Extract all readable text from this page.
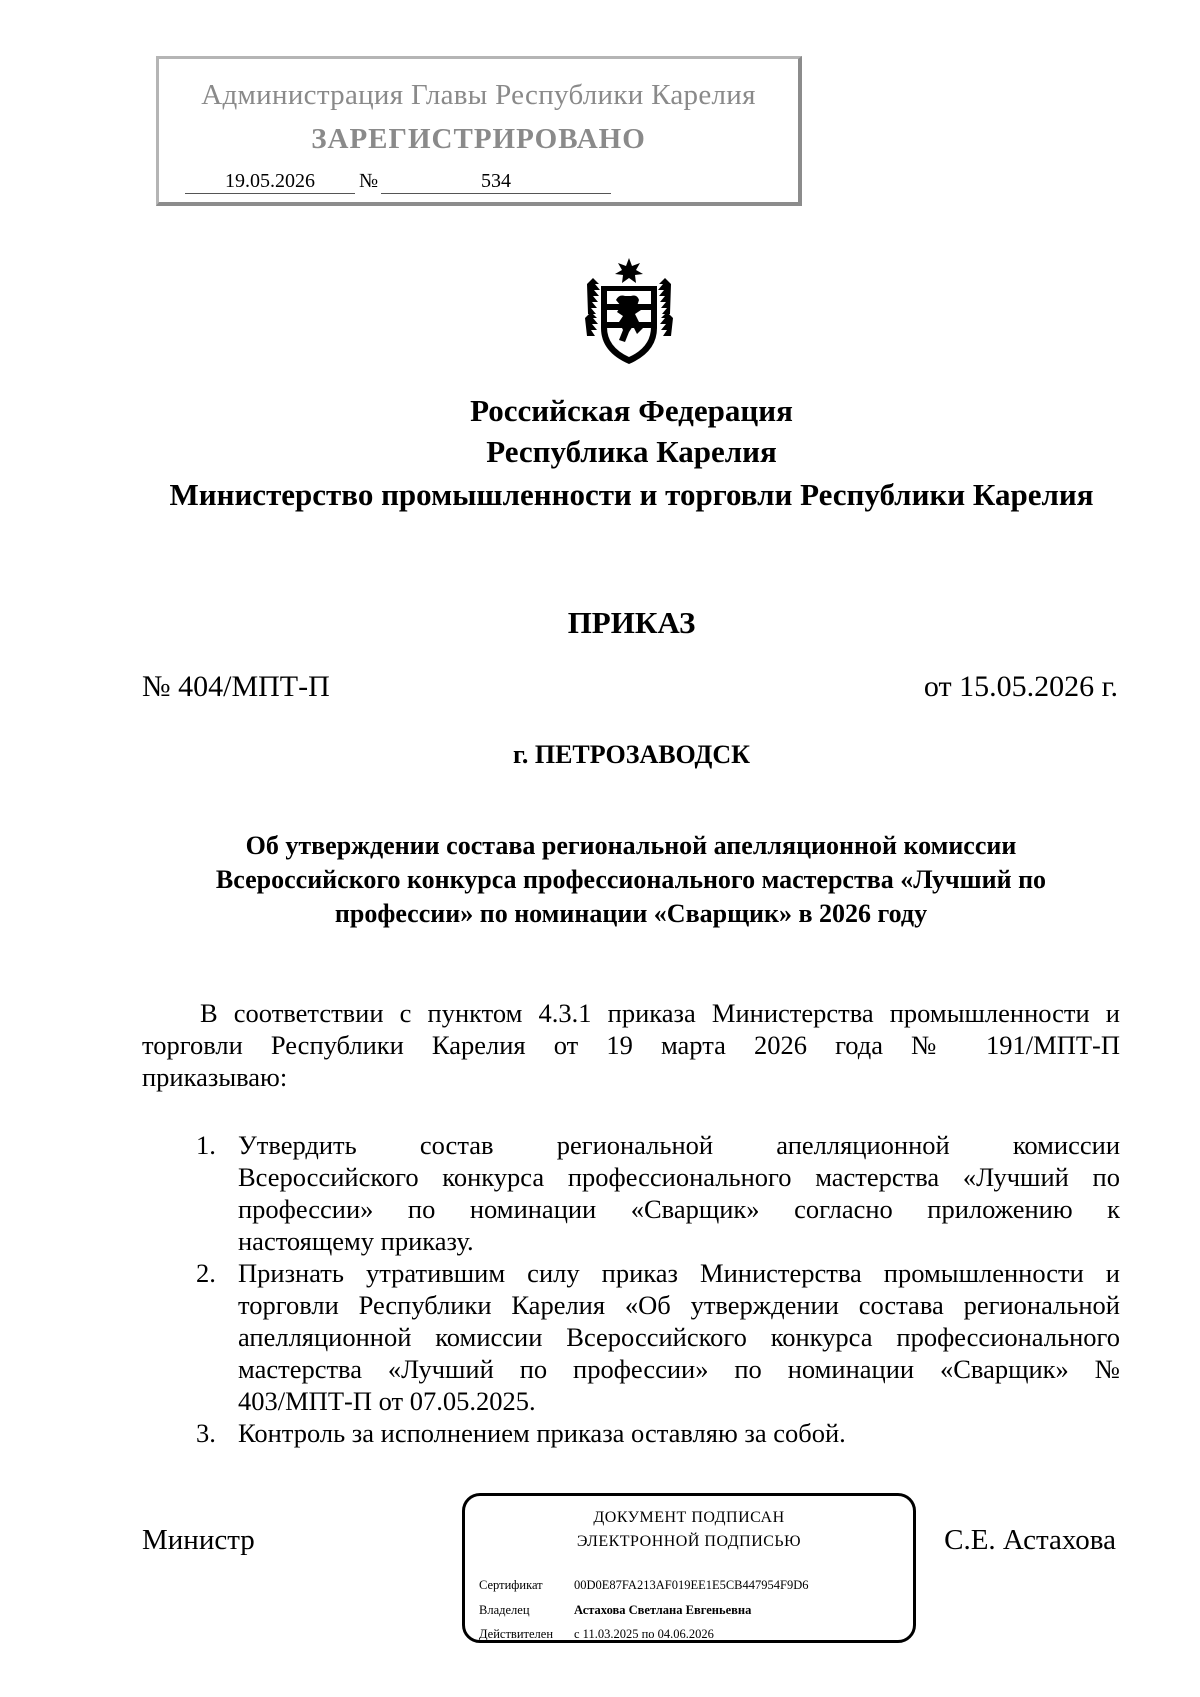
Администрация Главы Республики Карелия
ЗАРЕГИСТРИРОВАНО
19.05.2026	№	534
Российская Федерация
Республика Карелия
Министерство промышленности и торговли Республики Карелия
ПРИКАЗ
№ 404/МПТ-П	от 15.05.2026 г.
г. ПЕТРОЗАВОДСК
Об утверждении состава региональной апелляционной комиссии
Всероссийского конкурса профессионального мастерства «Лучший по
профессии» по номинации «Сварщик» в 2026 году
В соответствии с пунктом 4.3.1 приказа Министерства промышленности и
торговли Республики Карелия от 19 марта 2026 года № 191/МПТ-П
приказываю:
1. Утвердить состав региональной апелляционной комиссии
Всероссийского конкурса профессионального мастерства «Лучший по
профессии» по номинации «Сварщик» согласно приложению к
настоящему приказу.
2. Признать утратившим силу приказ Министерства промышленности и
торговли Республики Карелия «Об утверждении состава региональной
апелляционной комиссии Всероссийского конкурса профессионального
мастерства «Лучший по профессии» по номинации «Сварщик» №
403/МПТ-П от 07.05.2025.
3. Контроль за исполнением приказа оставляю за собой.
Министр	С.Е. Астахова
ДОКУМЕНТ ПОДПИСАН
ЭЛЕКТРОННОЙ ПОДПИСЬЮ
Сертификат	00D0E87FA213AF019EE1E5CB447954F9D6
Владелец	Астахова Светлана Евгеньевна
Действителен с 11.03.2025 по 04.06.2026
